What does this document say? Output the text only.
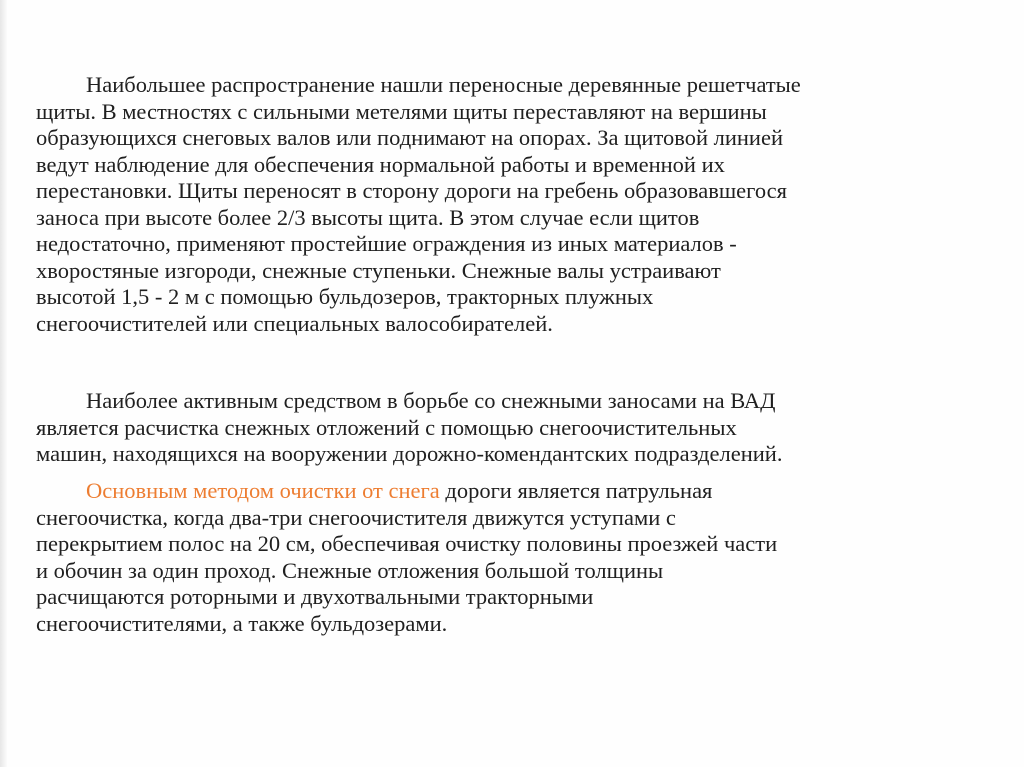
Наибольшее распространение нашли переносные деревянные решетчатые
щиты. В местностях с сильными метелями щиты переставляют на вершины
образующихся снеговых валов или поднимают на опорах. За щитовой линией
ведут наблюдение для обеспечения нормальной работы и временной их
перестановки. Щиты переносят в сторону дороги на гребень образовавшегося
заноса при высоте более 2/3 высоты щита. В этом случае если щитов
недостаточно, применяют простейшие ограждения из иных материалов -
хворостяные изгороди, снежные ступеньки. Снежные валы устраивают
высотой 1,5 - 2 м с помощью бульдозеров, тракторных плужных
снегоочистителей или специальных валособирателей.
Наиболее активным средством в борьбе со снежными заносами на ВАД
является расчистка снежных отложений с помощью снегоочистительных
машин, находящихся на вооружении дорожно-комендантских подразделений.
Основным методом очистки от снега дороги является патрульная
снегоочистка, когда два-три снегоочистителя движутся уступами с
перекрытием полос на 20 см, обеспечивая очистку половины проезжей части
и обочин за один проход. Снежные отложения большой толщины
расчищаются роторными и двухотвальными тракторными
снегоочистителями, а также бульдозерами.
